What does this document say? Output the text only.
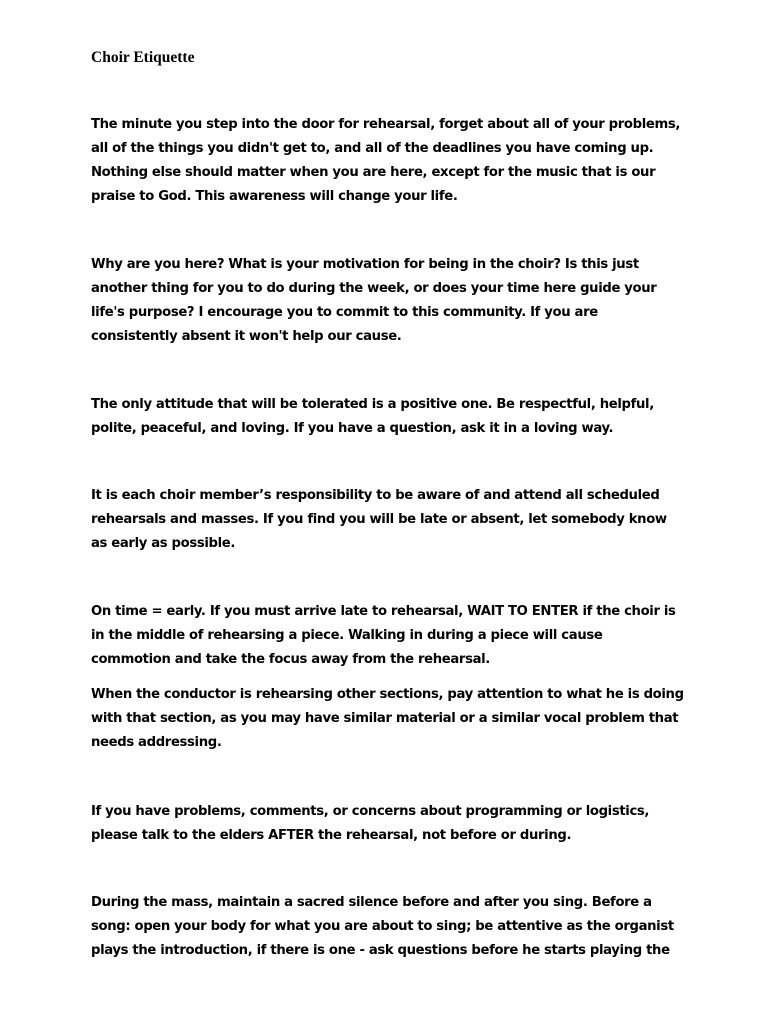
Choir Etiquette

The minute you step into the door for rehearsal, forget about all of your problems,
all of the things you didn't get to, and all of the deadlines you have coming up.
Nothing else should matter when you are here, except for the music that is our
praise to God. This awareness will change your life.

Why are you here? What is your motivation for being in the choir? Is this just
another thing for you to do during the week, or does your time here guide your
life's purpose? I encourage you to commit to this community. If you are
consistently absent it won't help our cause.

The only attitude that will be tolerated is a positive one. Be respectful, helpful,
polite, peaceful, and loving. If you have a question, ask it in a loving way.

It is each choir member’s responsibility to be aware of and attend all scheduled
rehearsals and masses. If you find you will be late or absent, let somebody know
as early as possible.

On time = early. If you must arrive late to rehearsal, WAIT TO ENTER if the choir is
in the middle of rehearsing a piece. Walking in during a piece will cause
commotion and take the focus away from the rehearsal.

When the conductor is rehearsing other sections, pay attention to what he is doing
with that section, as you may have similar material or a similar vocal problem that
needs addressing.

If you have problems, comments, or concerns about programming or logistics,
please talk to the elders AFTER the rehearsal, not before or during.

During the mass, maintain a sacred silence before and after you sing. Before a
song: open your body for what you are about to sing; be attentive as the organist
plays the introduction, if there is one - ask questions before he starts playing the
